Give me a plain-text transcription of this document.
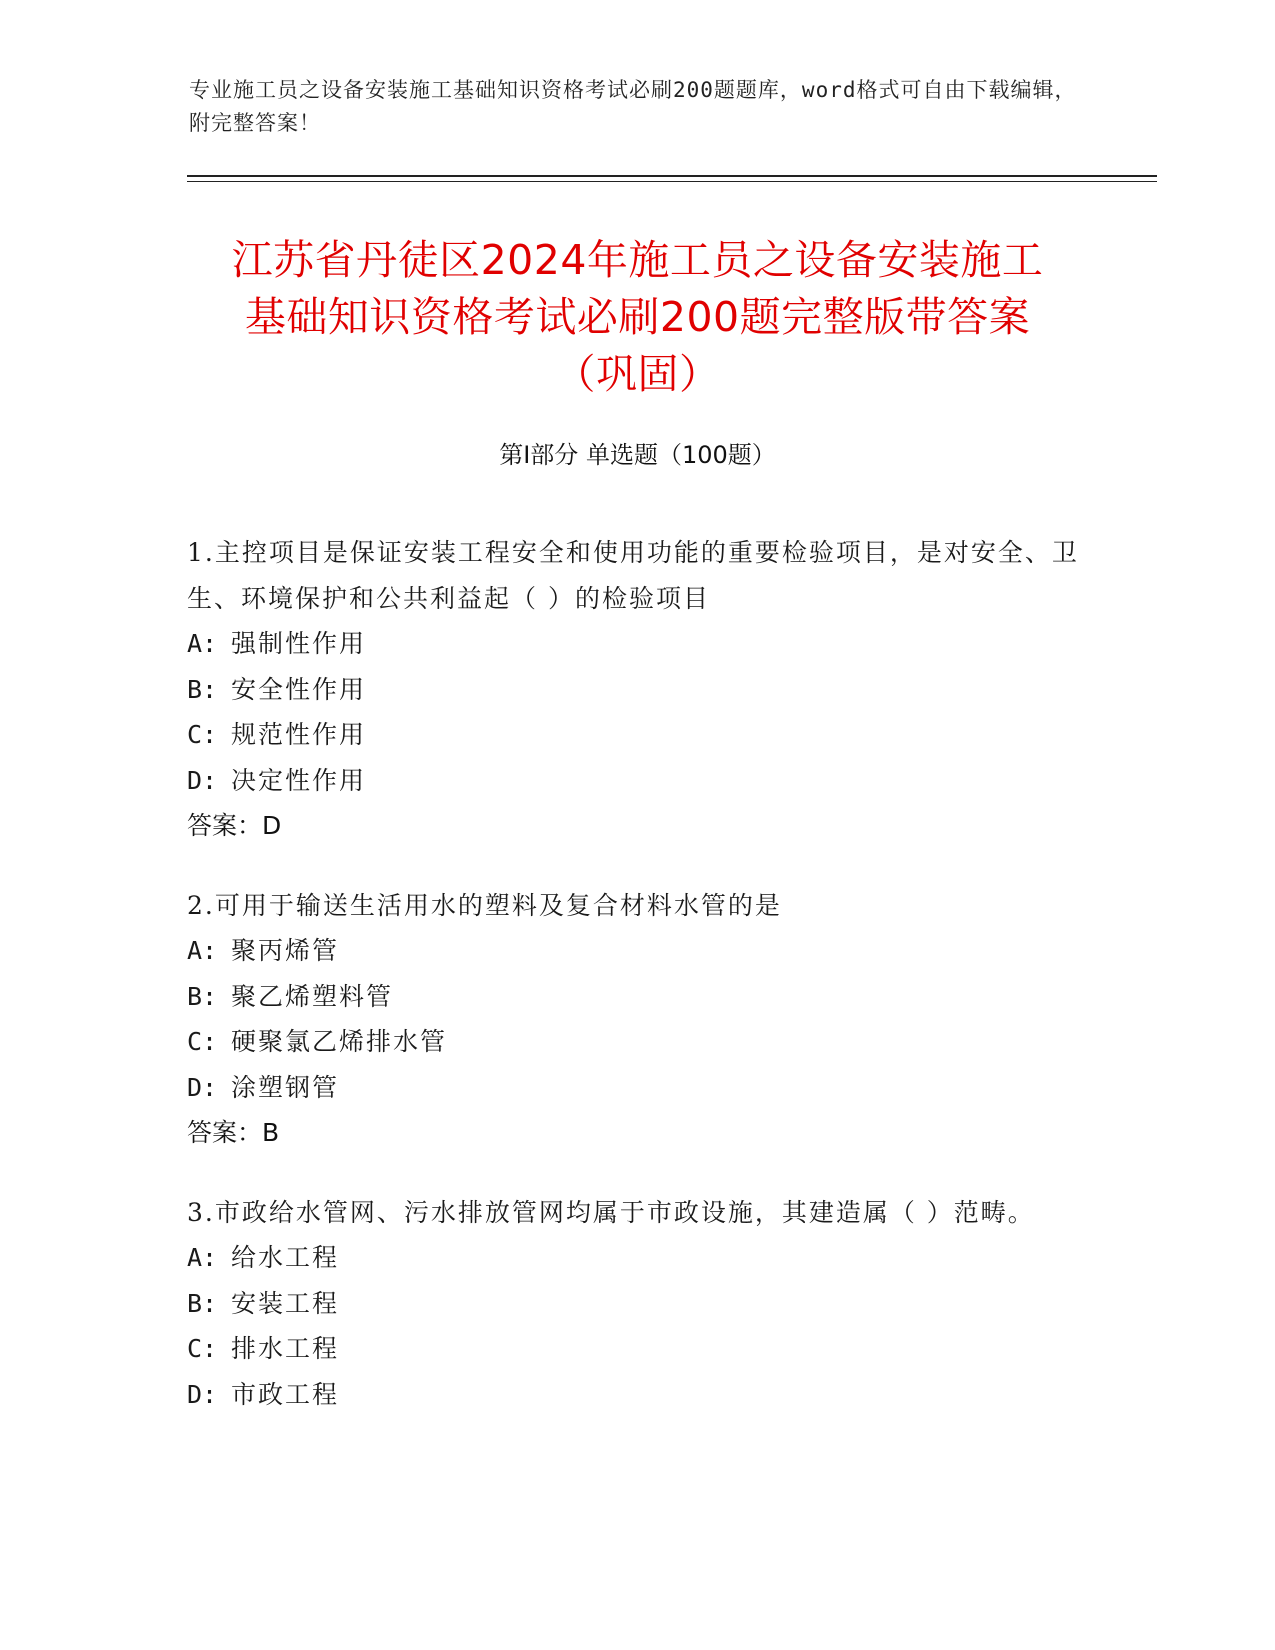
专业施工员之设备安装施工基础知识资格考试必刷200题题库，word格式可自由下载编辑，附完整答案！
江苏省丹徒区2024年施工员之设备安装施工
基础知识资格考试必刷200题完整版带答案
（巩固）
第Ⅰ部分 单选题（100题）
1.主控项目是保证安装工程安全和使用功能的重要检验项目，是对安全、卫生、环境保护和公共利益起（ ）的检验项目
A: 强制性作用
B: 安全性作用
C: 规范性作用
D: 决定性作用
答案：D
2.可用于输送生活用水的塑料及复合材料水管的是
A: 聚丙烯管
B: 聚乙烯塑料管
C: 硬聚氯乙烯排水管
D: 涂塑钢管
答案：B
3.市政给水管网、污水排放管网均属于市政设施，其建造属（ ）范畴。
A: 给水工程
B: 安装工程
C: 排水工程
D: 市政工程
